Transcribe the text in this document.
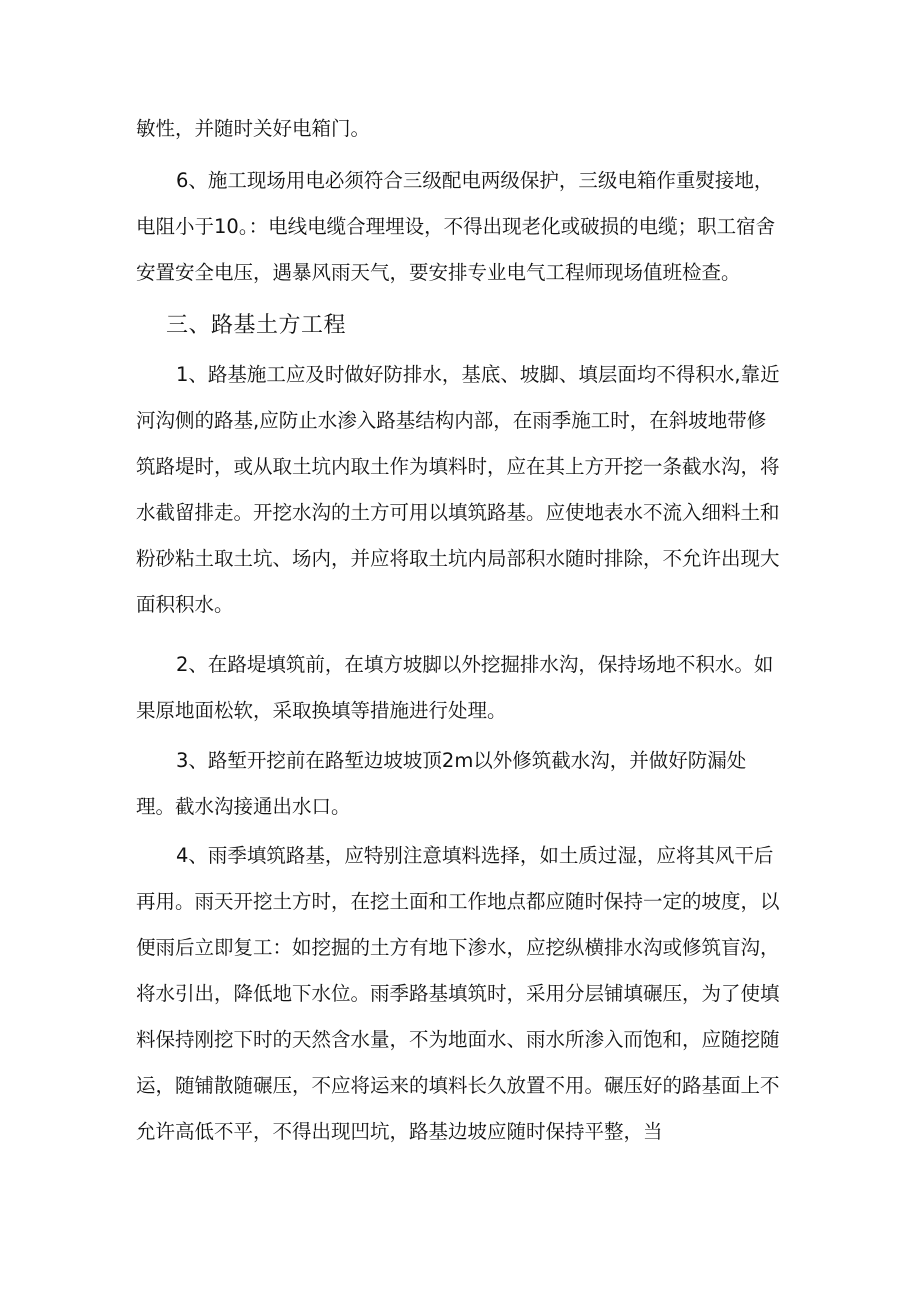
敏性，并随时关好电箱门。

6、施工现场用电必须符合三级配电两级保护，三级电箱作重熨接地，电阻小于10。：电线电缆合理埋设，不得出现老化或破损的电缆；职工宿舍安置安全电压，遇暴风雨天气，要安排专业电气工程师现场值班检查。

三、路基土方工程

1、路基施工应及时做好防排水，基底、坡脚、填层面均不得积水,靠近河沟侧的路基,应防止水渗入路基结构内部，在雨季施工时，在斜坡地带修筑路堤时，或从取土坑内取土作为填料时，应在其上方开挖一条截水沟，将水截留排走。开挖水沟的土方可用以填筑路基。应使地表水不流入细料土和粉砂粘土取土坑、场内，并应将取土坑内局部积水随时排除，不允许出现大面积积水。

2、在路堤填筑前，在填方坡脚以外挖掘排水沟，保持场地不积水。如果原地面松软，采取换填等措施进行处理。

3、路堑开挖前在路堑边坡坡顶2m以外修筑截水沟，并做好防漏处理。截水沟接通出水口。

4、雨季填筑路基，应特别注意填料选择，如土质过湿，应将其风干后再用。雨天开挖土方时，在挖土面和工作地点都应随时保持一定的坡度，以便雨后立即复工：如挖掘的土方有地下渗水，应挖纵横排水沟或修筑盲沟，将水引出，降低地下水位。雨季路基填筑时，采用分层铺填碾压，为了使填料保持刚挖下时的天然含水量，不为地面水、雨水所渗入而饱和，应随挖随运，随铺散随碾压，不应将运来的填料长久放置不用。碾压好的路基面上不允许高低不平，不得出现凹坑，路基边坡应随时保持平整，当
